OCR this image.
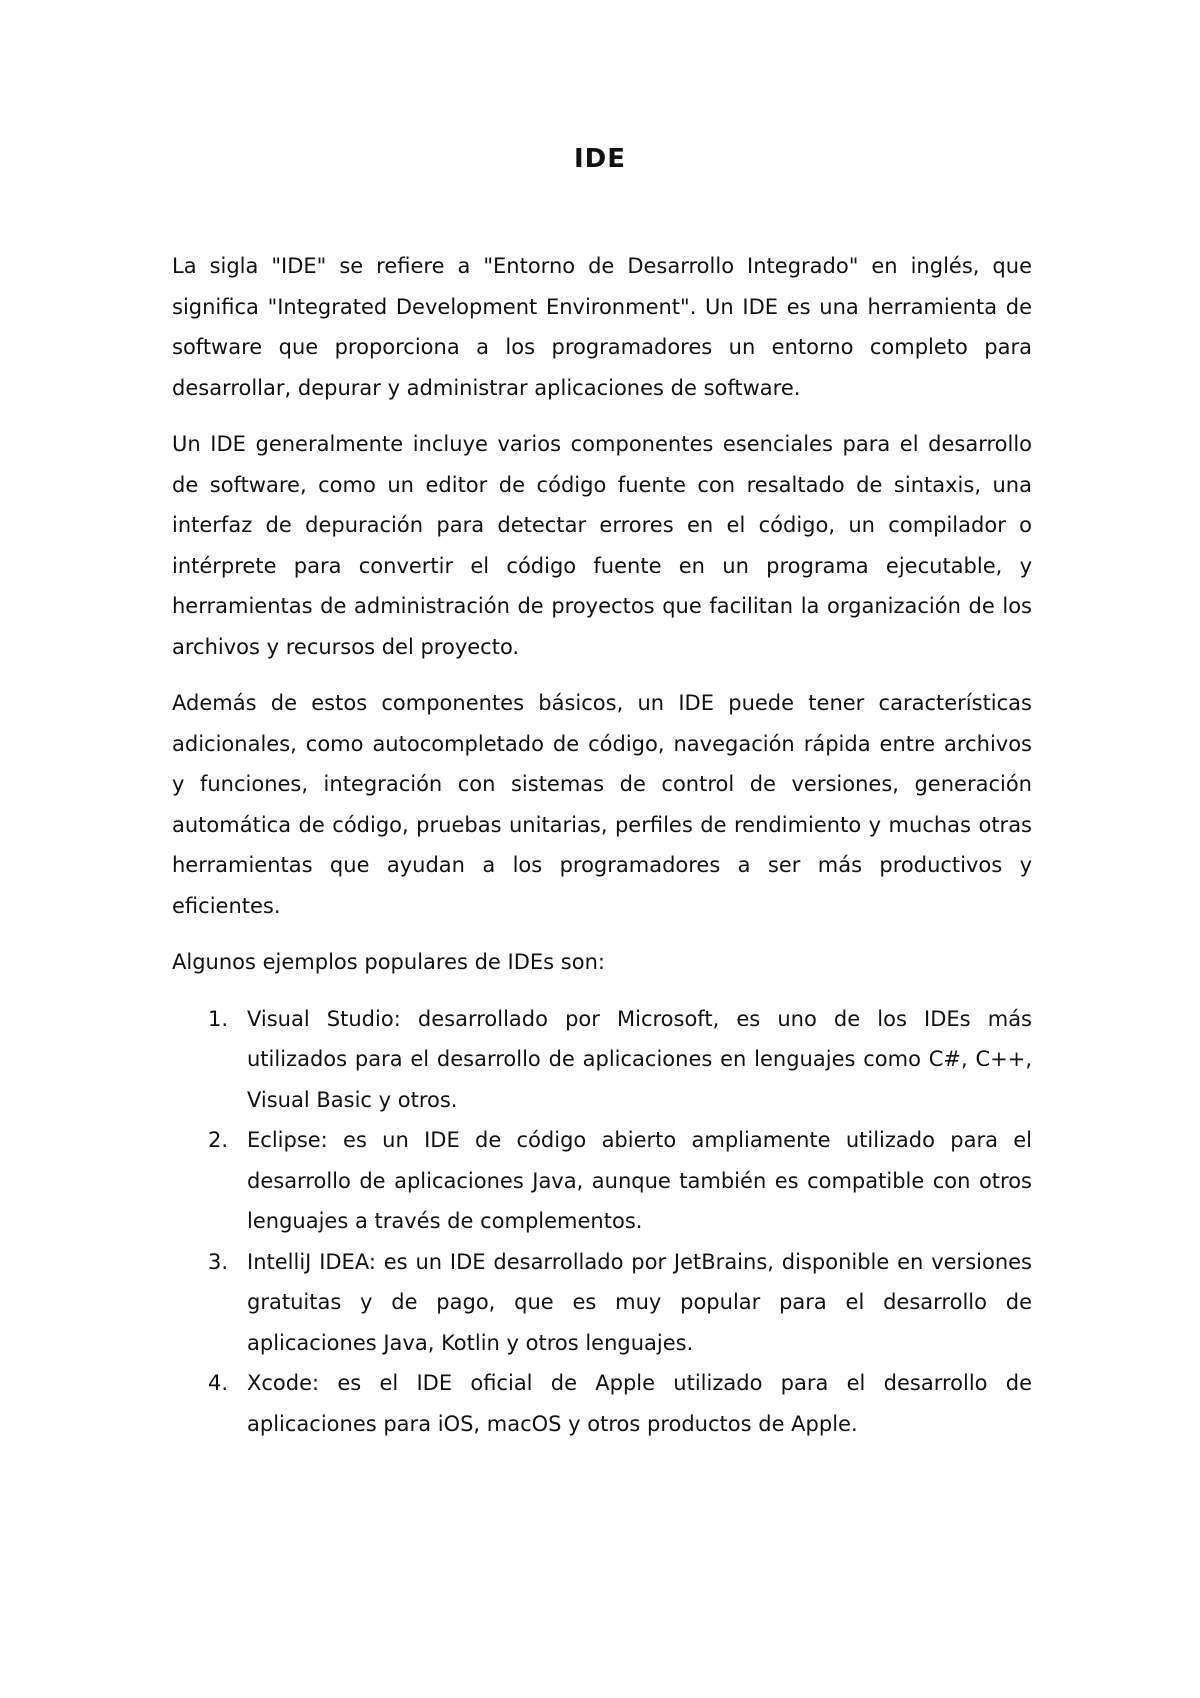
IDE

La sigla "IDE" se refiere a "Entorno de Desarrollo Integrado" en inglés, que significa "Integrated Development Environment". Un IDE es una herramienta de software que proporciona a los programadores un entorno completo para desarrollar, depurar y administrar aplicaciones de software.

Un IDE generalmente incluye varios componentes esenciales para el desarrollo de software, como un editor de código fuente con resaltado de sintaxis, una interfaz de depuración para detectar errores en el código, un compilador o intérprete para convertir el código fuente en un programa ejecutable, y herramientas de administración de proyectos que facilitan la organización de los archivos y recursos del proyecto.

Además de estos componentes básicos, un IDE puede tener características adicionales, como autocompletado de código, navegación rápida entre archivos y funciones, integración con sistemas de control de versiones, generación automática de código, pruebas unitarias, perfiles de rendimiento y muchas otras herramientas que ayudan a los programadores a ser más productivos y eficientes.

Algunos ejemplos populares de IDEs son:

1. Visual Studio: desarrollado por Microsoft, es uno de los IDEs más utilizados para el desarrollo de aplicaciones en lenguajes como C#, C++, Visual Basic y otros.
2. Eclipse: es un IDE de código abierto ampliamente utilizado para el desarrollo de aplicaciones Java, aunque también es compatible con otros lenguajes a través de complementos.
3. IntelliJ IDEA: es un IDE desarrollado por JetBrains, disponible en versiones gratuitas y de pago, que es muy popular para el desarrollo de aplicaciones Java, Kotlin y otros lenguajes.
4. Xcode: es el IDE oficial de Apple utilizado para el desarrollo de aplicaciones para iOS, macOS y otros productos de Apple.
